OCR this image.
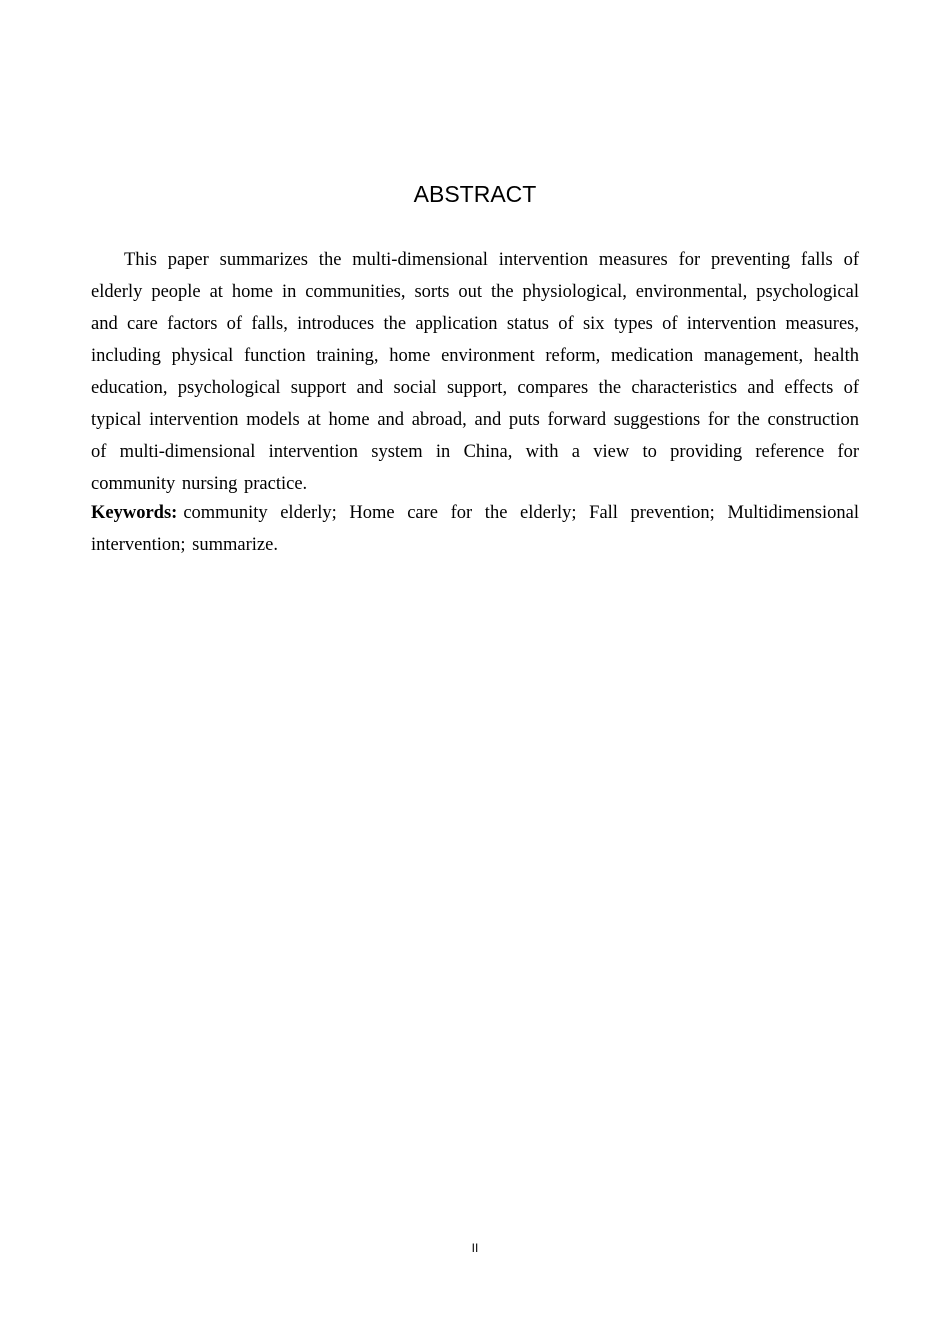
ABSTRACT

This paper summarizes the multi-dimensional intervention measures for preventing falls of elderly people at home in communities, sorts out the physiological, environmental, psychological and care factors of falls, introduces the application status of six types of intervention measures, including physical function training, home environment reform, medication management, health education, psychological support and social support, compares the characteristics and effects of typical intervention models at home and abroad, and puts forward suggestions for the construction of multi-dimensional intervention system in China, with a view to providing reference for community nursing practice.

Keywords: community elderly; Home care for the elderly; Fall prevention; Multidimensional intervention; summarize.

II
